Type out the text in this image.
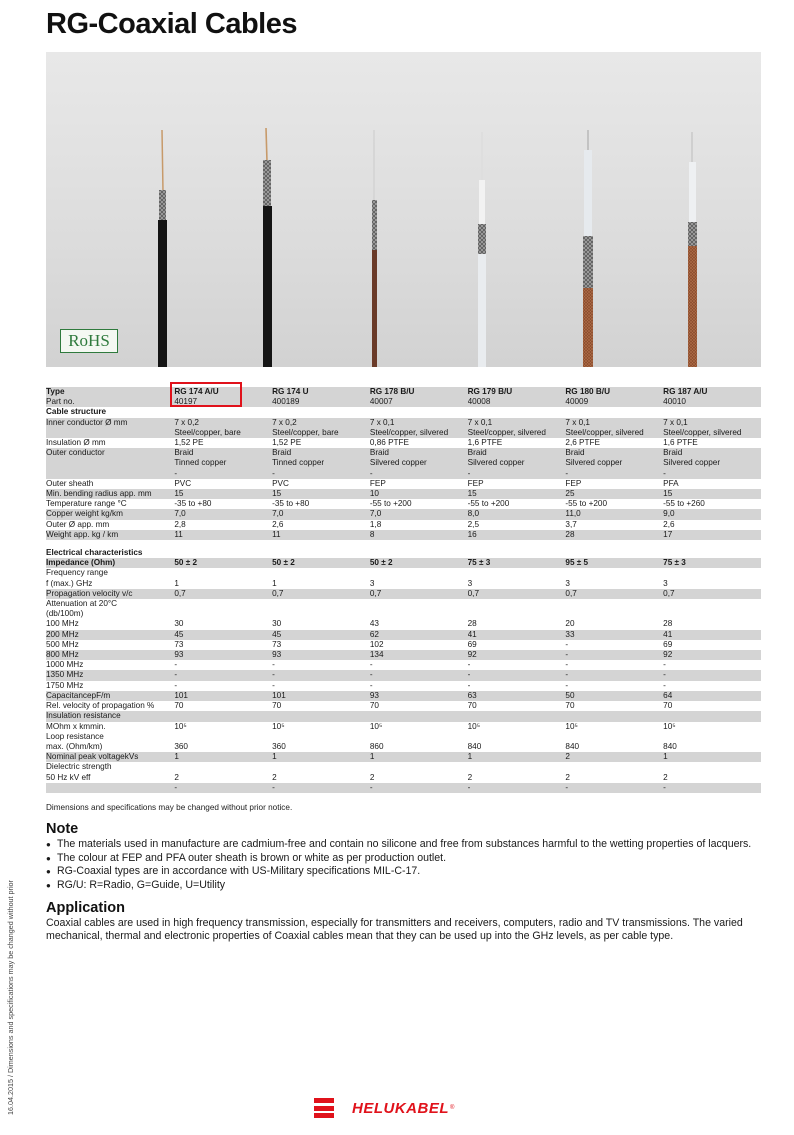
RG-Coaxial Cables
RoHS
Type	RG 174 A/U	RG 174 U	RG 178 B/U	RG 179 B/U	RG 180 B/U	RG 187 A/U
Part no.	40197	400189	40007	40008	40009	40010
Cable structure						
Inner conductor Ø mm	7 x 0,2	7 x 0,2	7 x 0,1	7 x 0,1	7 x 0,1	7 x 0,1
	Steel/copper, bare	Steel/copper, bare	Steel/copper, silvered	Steel/copper, silvered	Steel/copper, silvered	Steel/copper, silvered
Insulation Ø mm	1,52 PE	1,52 PE	0,86 PTFE	1,6 PTFE	2,6 PTFE	1,6 PTFE
Outer conductor	Braid	Braid	Braid	Braid	Braid	Braid
	Tinned copper	Tinned copper	Silvered copper	Silvered copper	Silvered copper	Silvered copper
	-	-	-	-	-	-
Outer sheath	PVC	PVC	FEP	FEP	FEP	PFA
Min. bending radius app. mm	15	15	10	15	25	15
Temperature range °C	-35 to +80	-35 to +80	-55 to +200	-55 to +200	-55 to +200	-55 to +260
Copper weight kg/km	7,0	7,0	7,0	8,0	11,0	9,0
Outer Ø app. mm	2,8	2,6	1,8	2,5	3,7	2,6
Weight app. kg / km	11	11	8	16	28	17

Electrical characteristics						
Impedance (Ohm)	50 ± 2	50 ± 2	50 ± 2	75 ± 3	95 ± 5	75 ± 3
Frequency range						
f (max.) GHz	1	1	3	3	3	3
Propagation velocity v/c	0,7	0,7	0,7	0,7	0,7	0,7
Attenuation at 20°C						
(db/100m)						
100 MHz	30	30	43	28	20	28
200 MHz	45	45	62	41	33	41
500 MHz	73	73	102	69	-	69
800 MHz	93	93	134	92	-	92
1000 MHz	-	-	-	-	-	-
1350 MHz	-	-	-	-	-	-
1750 MHz	-	-	-	-	-	-
CapacitancepF/m	101	101	93	63	50	64
Rel. velocity of propagation %	70	70	70	70	70	70
Insulation resistance						
MOhm x kmmin.	10⁵	10⁵	10⁵	10⁵	10⁵	10⁵
Loop resistance						
max. (Ohm/km)	360	360	860	840	840	840
Nominal peak voltagekVs	1	1	1	1	2	1
Dielectric strength						
50 Hz kV eff	2	2	2	2	2	2
	-	-	-	-	-	-
Dimensions and specifications may be changed without prior notice.
Note
● The materials used in manufacture are cadmium-free and contain no silicone and free from substances harmful to the wetting properties of lacquers.
● The colour at FEP and PFA outer sheath is brown or white as per production outlet.
● RG-Coaxial types are in accordance with US-Military specifications MIL-C-17.
● RG/U: R=Radio, G=Guide, U=Utility
Application

Coaxial cables are used in high frequency transmission, especially for transmitters and receivers, computers, radio and TV transmissions. The varied mechanical, thermal and electronic properties of Coaxial cables mean that they can be used up into the GHz levels, as per cable type.

16.04.2015 / Dimensions and specifications may be changed without prior	HELUKABEL ®
